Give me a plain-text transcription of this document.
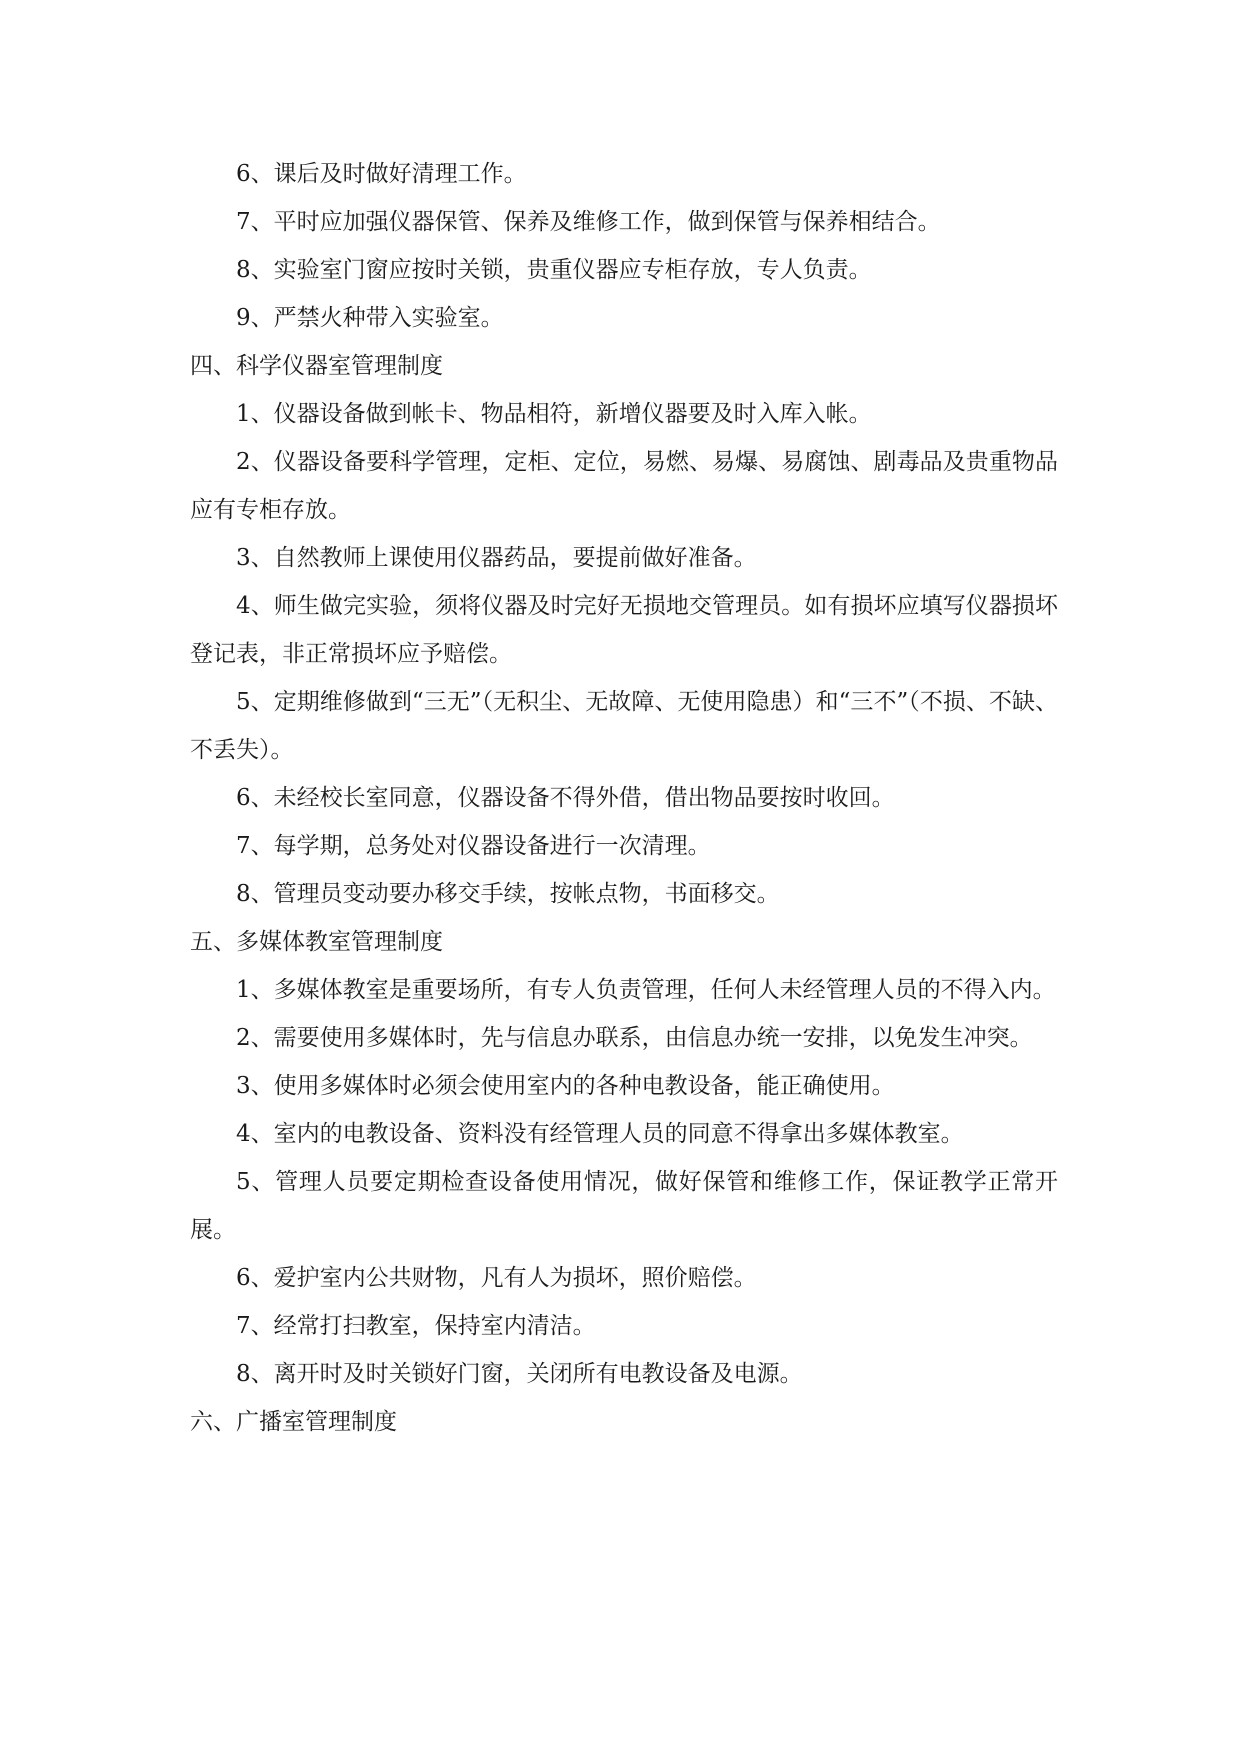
6、课后及时做好清理工作。

7、平时应加强仪器保管、保养及维修工作，做到保管与保养相结合。

8、实验室门窗应按时关锁，贵重仪器应专柜存放，专人负责。

9、严禁火种带入实验室。

四、科学仪器室管理制度

1、仪器设备做到帐卡、物品相符，新增仪器要及时入库入帐。

2、仪器设备要科学管理，定柜、定位，易燃、易爆、易腐蚀、剧毒品及贵重物品应有专柜存放。

3、自然教师上课使用仪器药品，要提前做好准备。

4、师生做完实验，须将仪器及时完好无损地交管理员。如有损坏应填写仪器损坏登记表，非正常损坏应予赔偿。

5、定期维修做到“三无”（无积尘、无故障、无使用隐患）和“三不”（不损、不缺、不丢失）。

6、未经校长室同意，仪器设备不得外借，借出物品要按时收回。

7、每学期，总务处对仪器设备进行一次清理。

8、管理员变动要办移交手续，按帐点物，书面移交。

五、多媒体教室管理制度

1、多媒体教室是重要场所，有专人负责管理，任何人未经管理人员的不得入内。

2、需要使用多媒体时，先与信息办联系，由信息办统一安排，以免发生冲突。

3、使用多媒体时必须会使用室内的各种电教设备，能正确使用。

4、室内的电教设备、资料没有经管理人员的同意不得拿出多媒体教室。

5、管理人员要定期检查设备使用情况，做好保管和维修工作，保证教学正常开展。

6、爱护室内公共财物，凡有人为损坏，照价赔偿。

7、经常打扫教室，保持室内清洁。

8、离开时及时关锁好门窗，关闭所有电教设备及电源。

六、广播室管理制度
